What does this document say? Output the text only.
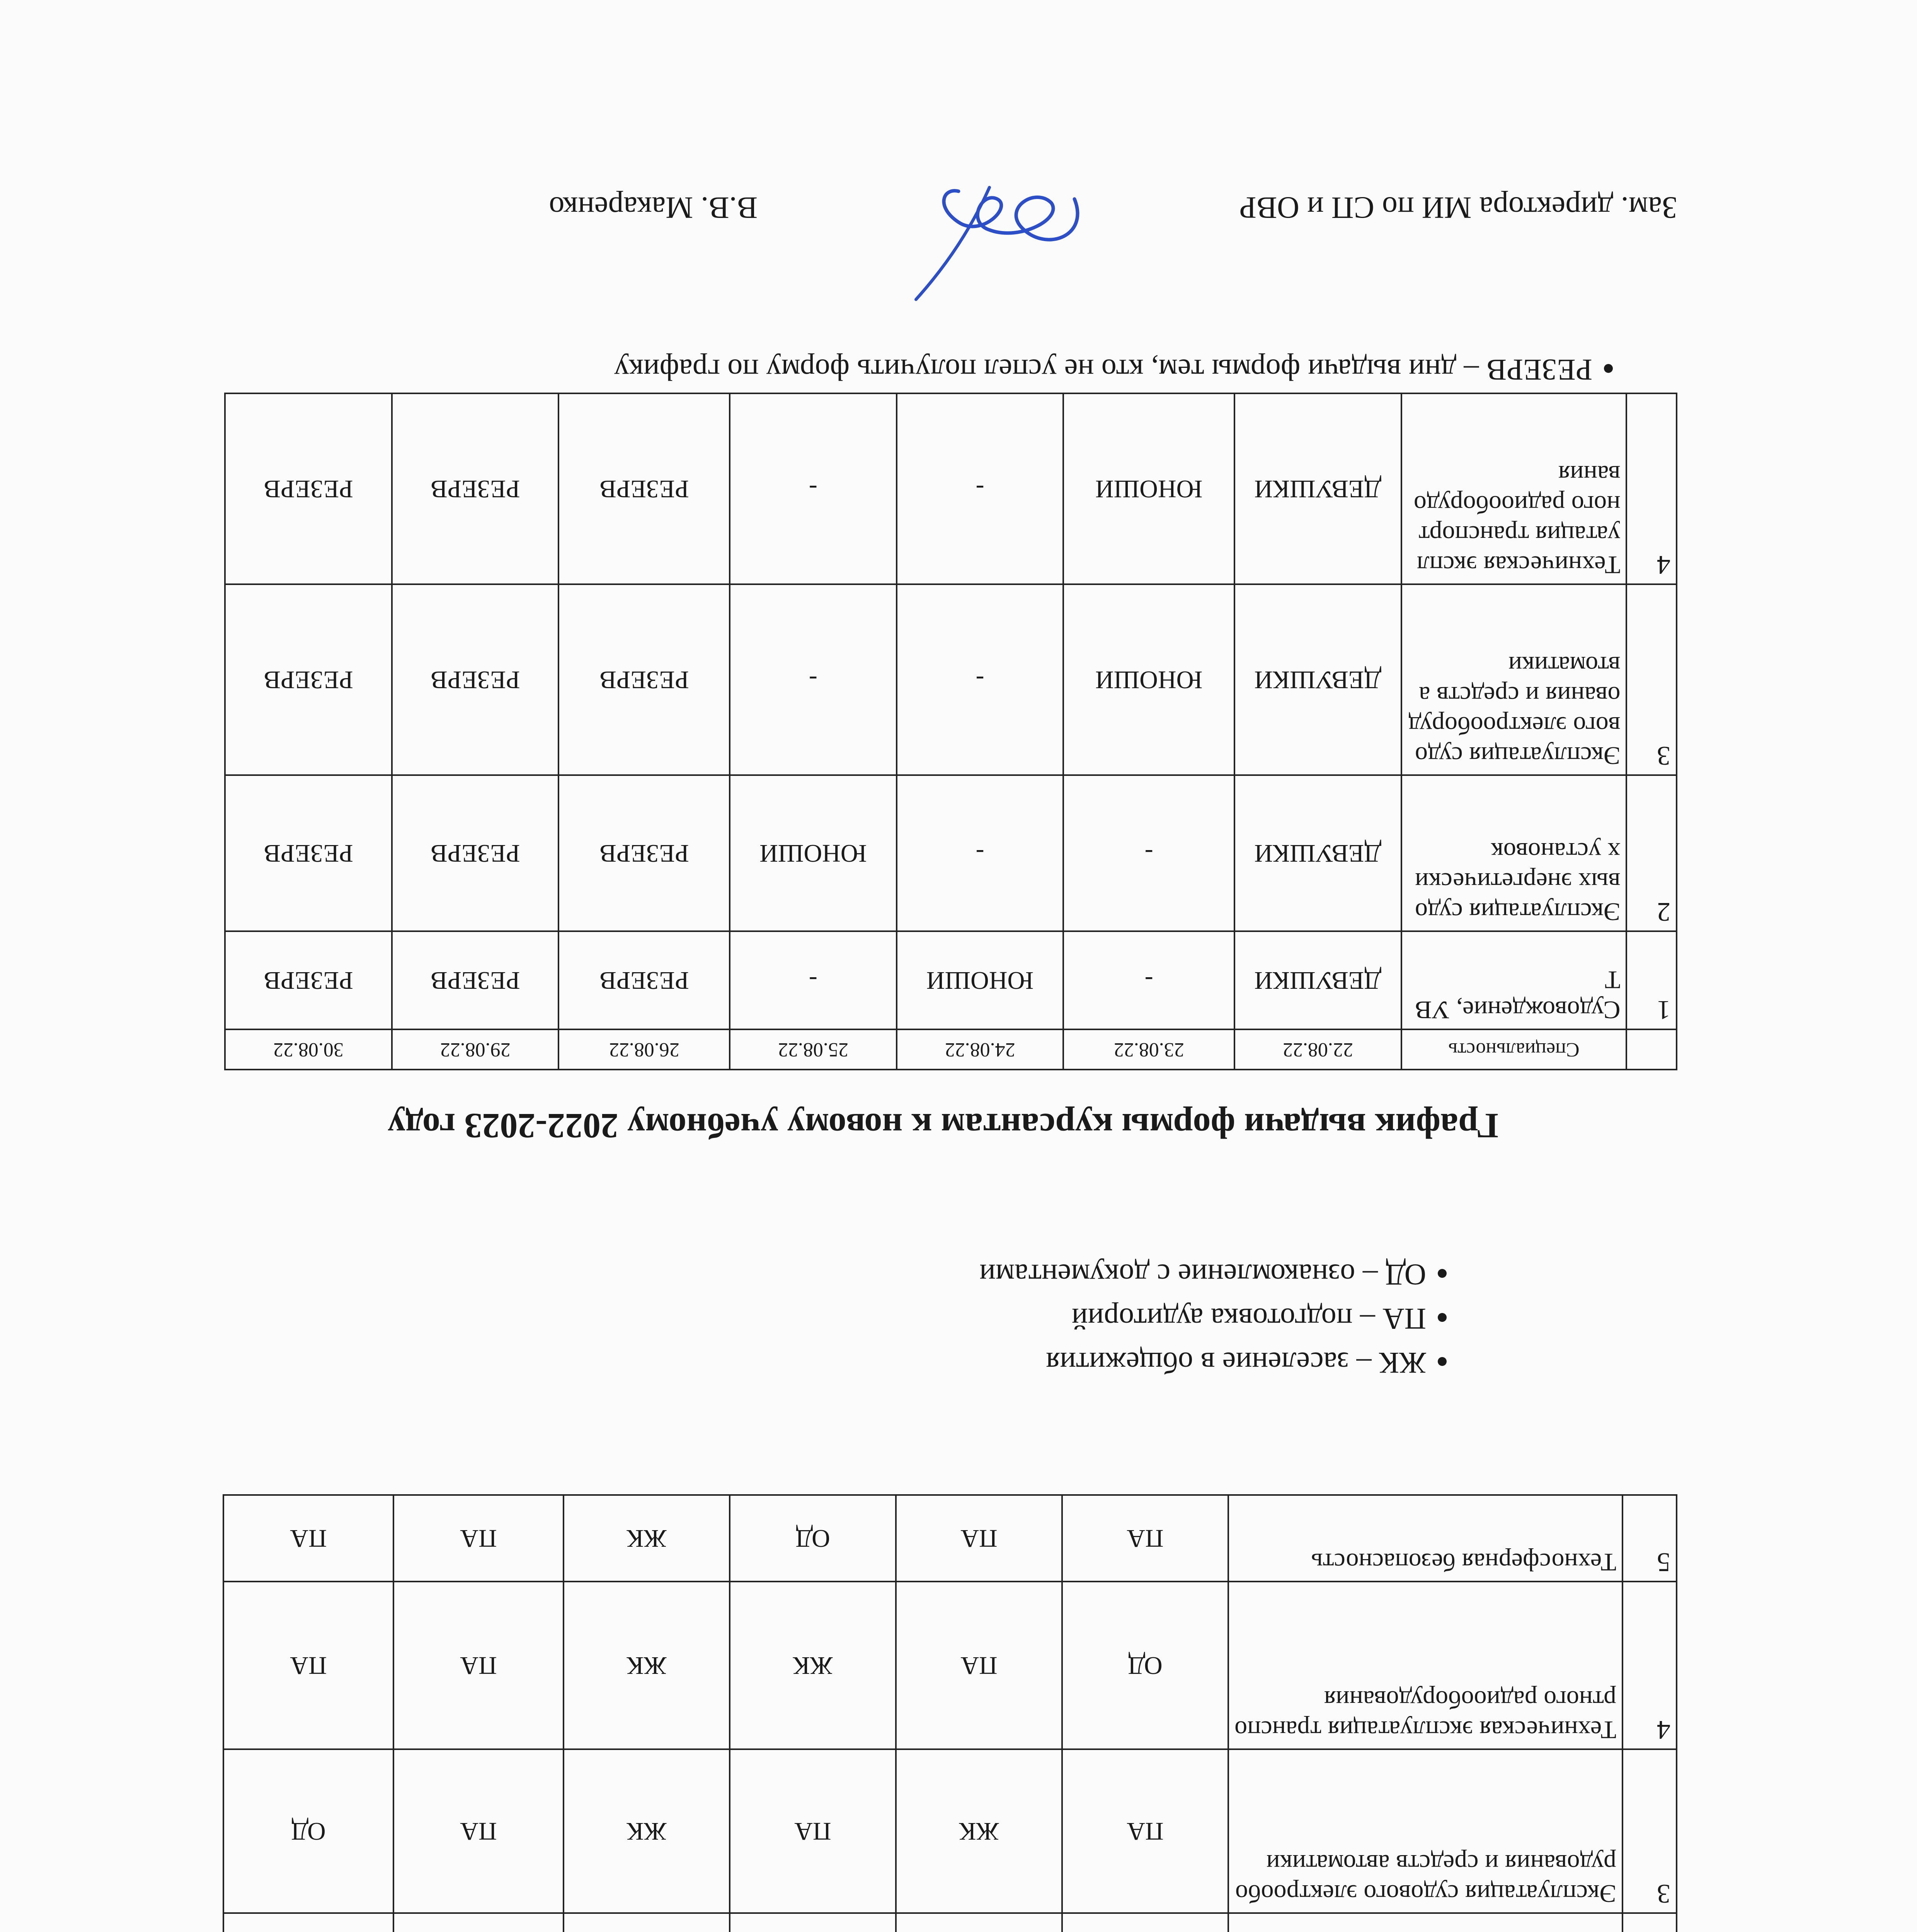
3	Эксплуатация судового электрооборудования и средств автоматики	ПА	ЖК	ПА	ЖК	ПА	ОД
4	Техническая эксплуатация транспортного радиооборудования	ОД	ПА	ЖК	ЖК	ПА	ПА
5	Техносферная безопасность	ПА	ПА	ОД	ЖК	ПА	ПА
• ЖК – заселение в общежития
• ПА – подготовка аудиторий
• ОД – ознакомление с документами
График выдачи формы курсантам к новому учебному 2022-2023 году
	Специальность	22.08.22	23.08.22	24.08.22	25.08.22	26.08.22	29.08.22	30.08.22
1	Судовождение, УВТ	ДЕВУШКИ	-	ЮНОШИ	-	РЕЗЕРВ	РЕЗЕРВ	РЕЗЕРВ
2	Эксплуатация судовых энергетических установок	ДЕВУШКИ	-	-	ЮНОШИ	РЕЗЕРВ	РЕЗЕРВ	РЕЗЕРВ
3	Эксплуатация судового электрооборудования и средств автоматики	ДЕВУШКИ	ЮНОШИ	-	-	РЕЗЕРВ	РЕЗЕРВ	РЕЗЕРВ
4	Техническая эксплуатация транспортного радиооборудования	ДЕВУШКИ	ЮНОШИ	-	-	РЕЗЕРВ	РЕЗЕРВ	РЕЗЕРВ
• РЕЗЕРВ – дни выдачи формы тем, кто не успел получить форму по графику
Зам. директора МИ по СП и ОВР
В.В. Макаренко
